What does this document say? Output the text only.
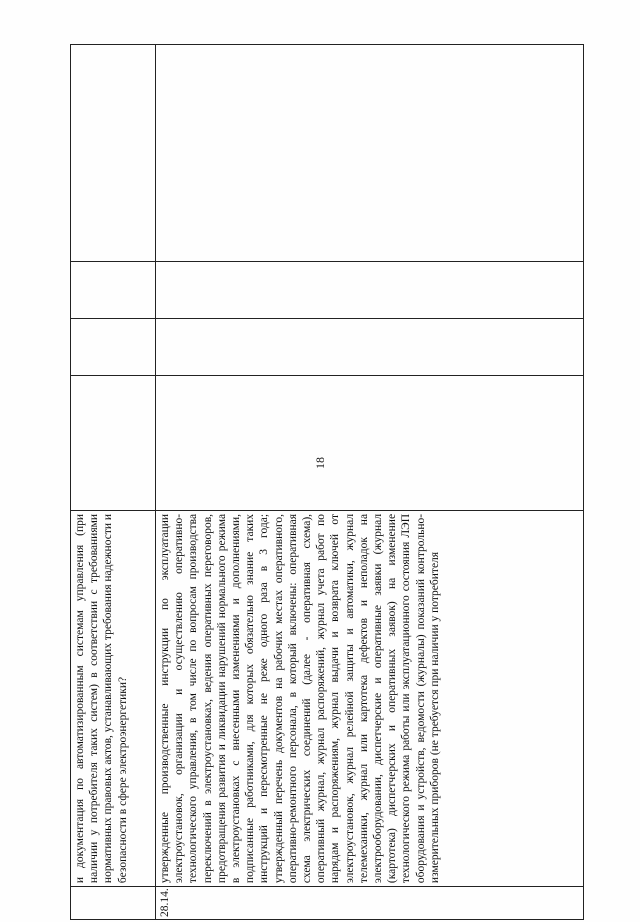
18

и документация по автоматизированным системам управления (при наличии у потребителя таких систем) в соответствии с требованиями нормативных правовых актов, устанавливающих требования надежности и безопасности в сфере электроэнергетики?

28.14.

утвержденные производственные инструкции по эксплуатации электроустановок, организации и осуществлению оперативно-технологического управления, в том числе по вопросам производства переключений в электроустановках, ведения оперативных переговоров, предотвращения развития и ликвидации нарушений нормального режима в электроустановках с внесенными изменениями и дополнениями, подписанные работниками, для которых обязательно знание таких инструкций и пересмотренные не реже одного раза в 3 года; утвержденный перечень документов на рабочих местах оперативного, оперативно-ремонтного персонала, в который включены: оперативная схема электрических соединений (далее - оперативная схема), оперативный журнал, журнал распоряжений, журнал учета работ по нарядам и распоряжениям, журнал выдачи и возврата ключей от электроустановок, журнал релейной защиты и автоматики, журнал телемеханики, журнал или картотека дефектов и неполадок на электрооборудовании, диспетчерские и оперативные заявки (журнал (картотека) диспетчерских и оперативных заявок) на изменение технологического режима работы или эксплуатационного состояния ЛЭП оборудования и устройств, ведомости (журналы) показаний контрольно-измерительных приборов (не требуется при наличии у потребителя
